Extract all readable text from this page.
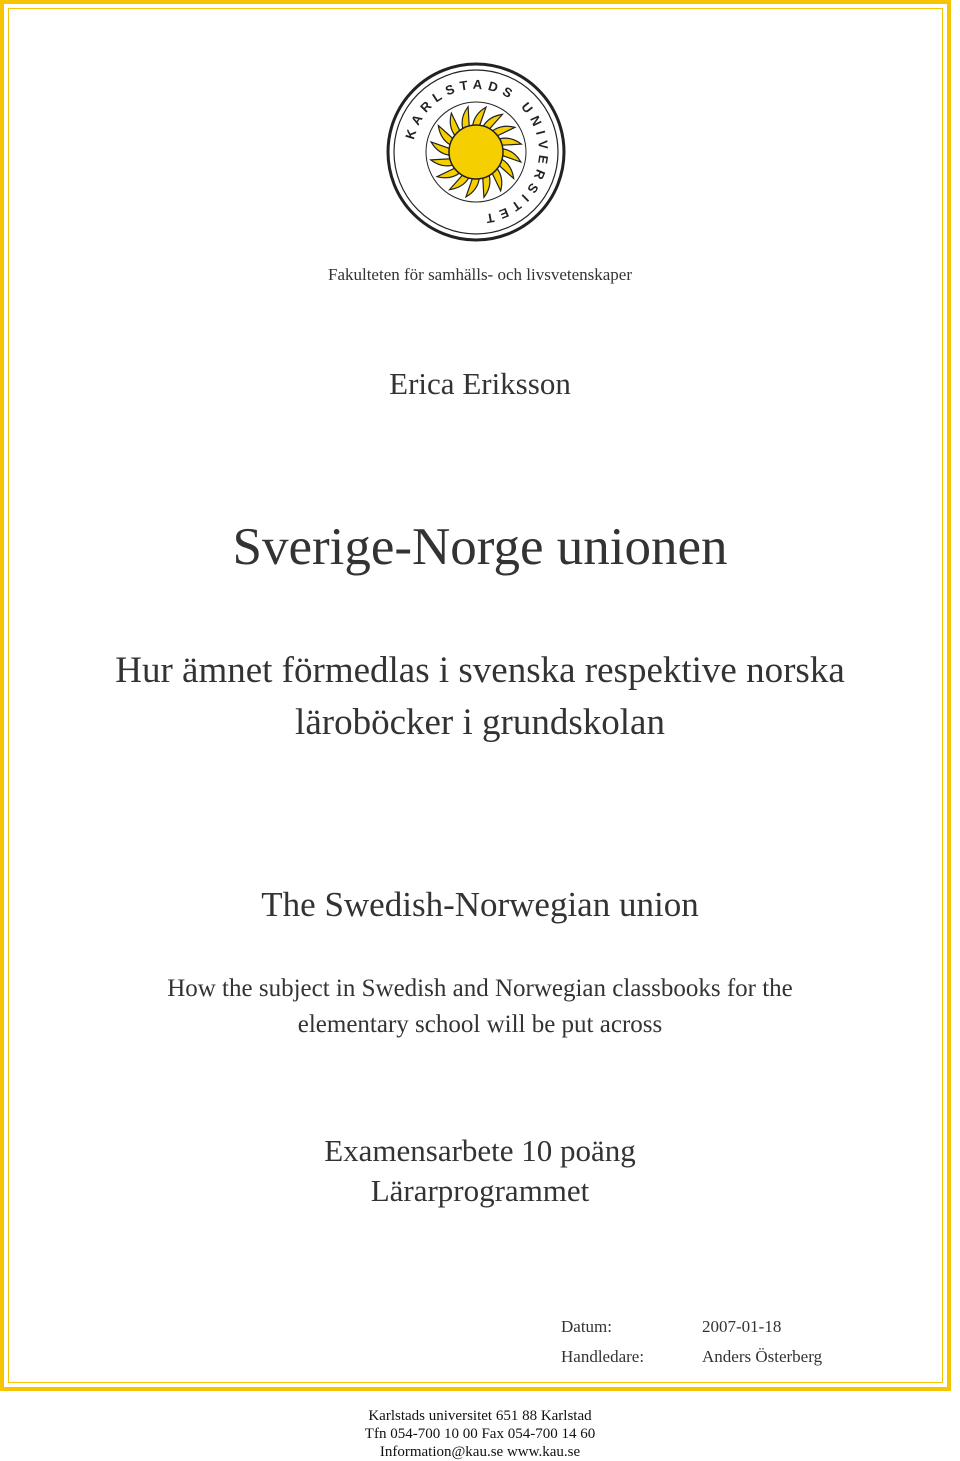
KARLSTADS UNIVERSITET
Fakulteten för samhälls- och livsvetenskaper
Erica Eriksson
Sverige-Norge unionen
Hur ämnet förmedlas i svenska respektive norska
läroböcker i grundskolan
The Swedish-Norwegian union
How the subject in Swedish and Norwegian classbooks for the
elementary school will be put across
Examensarbete 10 poäng
Lärarprogrammet
Datum:	2007-01-18
Handledare:	Anders Österberg
Karlstads universitet 651 88 Karlstad
Tfn 054-700 10 00 Fax 054-700 14 60
Information@kau.se www.kau.se
